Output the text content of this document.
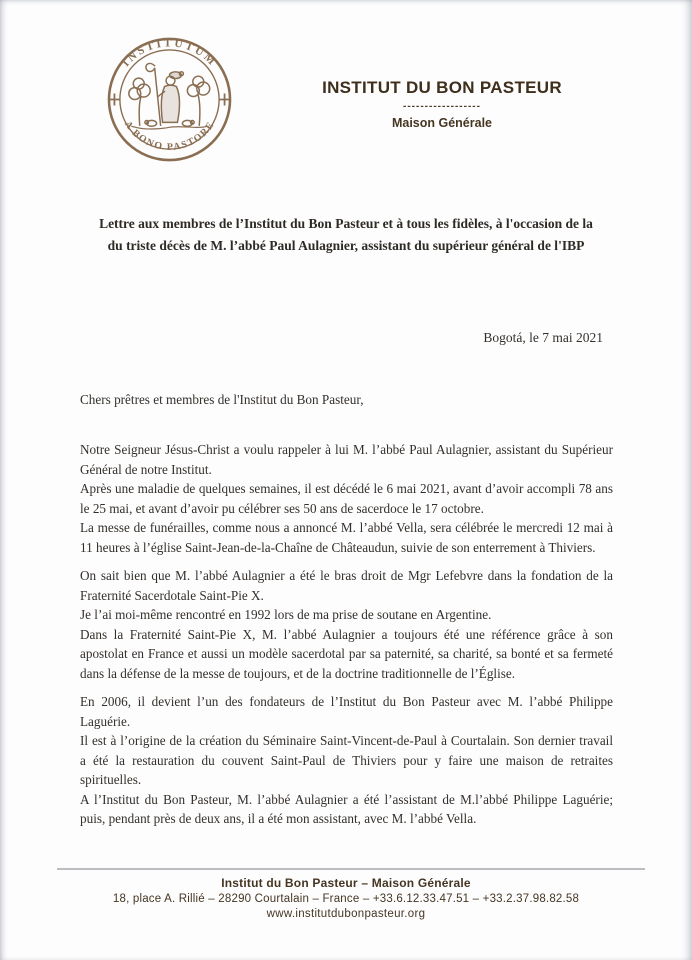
INSTITUTUM
A BONO PASTORE
INSTITUT DU BON PASTEUR
------------------
Maison Générale
Lettre aux membres de l’Institut du Bon Pasteur et à tous les fidèles, à l'occasion de la
du triste décès de M. l’abbé Paul Aulagnier, assistant du supérieur général de l'IBP
Bogotá, le 7 mai 2021
Chers prêtres et membres de l'Institut du Bon Pasteur,
Notre Seigneur Jésus-Christ a voulu rappeler à lui M. l’abbé Paul Aulagnier, assistant du Supérieur Général de notre Institut.
Après une maladie de quelques semaines, il est décédé le 6 mai 2021, avant d’avoir accompli 78 ans le 25 mai, et avant d’avoir pu célébrer ses 50 ans de sacerdoce le 17 octobre.
La messe de funérailles, comme nous a annoncé M. l’abbé Vella, sera célébrée le mercredi 12 mai à 11 heures à l’église Saint-Jean-de-la-Chaîne de Châteaudun, suivie de son enterrement à Thiviers.
On sait bien que M. l’abbé Aulagnier a été le bras droit de Mgr Lefebvre dans la fondation de la Fraternité Sacerdotale Saint-Pie X.
Je l’ai moi-même rencontré en 1992 lors de ma prise de soutane en Argentine.
Dans la Fraternité Saint-Pie X, M. l’abbé Aulagnier a toujours été une référence grâce à son apostolat en France et aussi un modèle sacerdotal par sa paternité, sa charité, sa bonté et sa fermeté dans la défense de la messe de toujours, et de la doctrine traditionnelle de l’Église.
En 2006, il devient l’un des fondateurs de l’Institut du Bon Pasteur avec M. l’abbé Philippe Laguérie.
Il est à l’origine de la création du Séminaire Saint-Vincent-de-Paul à Courtalain. Son dernier travail a été la restauration du couvent Saint-Paul de Thiviers pour y faire une maison de retraites spirituelles.
A l’Institut du Bon Pasteur, M. l’abbé Aulagnier a été l’assistant de M.l’abbé Philippe Laguérie; puis, pendant près de deux ans, il a été mon assistant, avec M. l’abbé Vella.
Institut du Bon Pasteur – Maison Générale
18, place A. Rillié – 28290 Courtalain – France – +33.6.12.33.47.51 – +33.2.37.98.82.58
www.institutdubonpasteur.org
